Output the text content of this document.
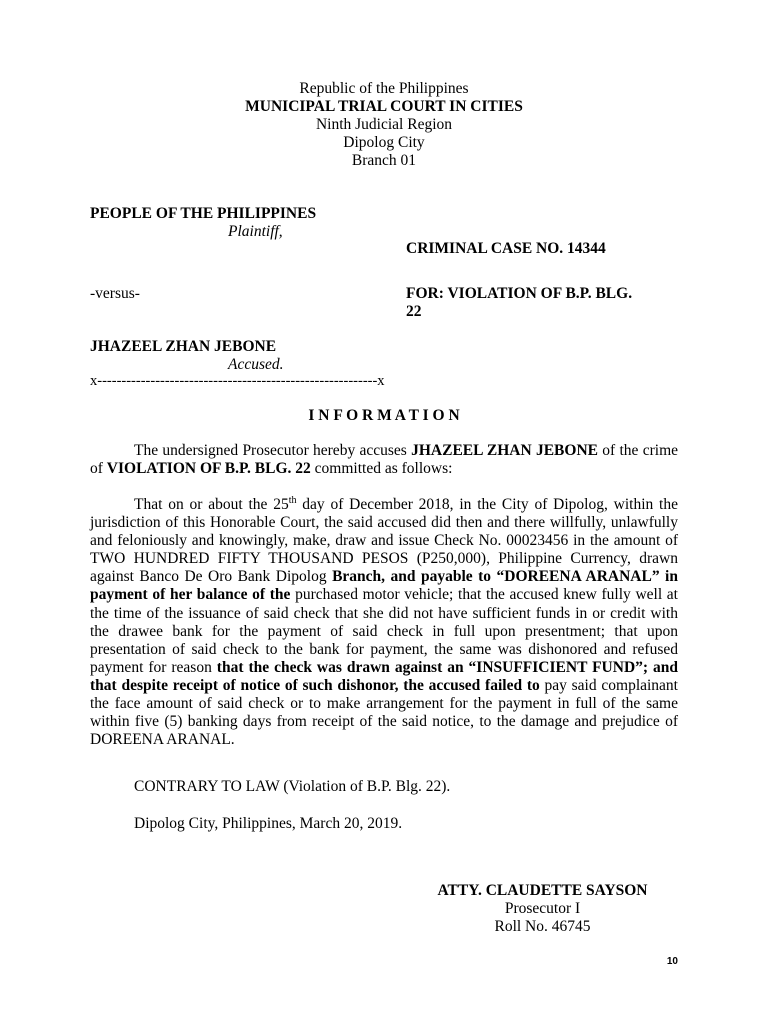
Republic of the Philippines
MUNICIPAL TRIAL COURT IN CITIES
Ninth Judicial Region
Dipolog City
Branch 01
PEOPLE OF THE PHILIPPINES
Plaintiff,
CRIMINAL CASE NO. 14344
-versus-	FOR: VIOLATION OF B.P. BLG.
22
JHAZEEL ZHAN JEBONE
Accused.
x----------------------------------------------------------x
I N F O R M A T I O N
The undersigned Prosecutor hereby accuses JHAZEEL ZHAN JEBONE of the crime of VIOLATION OF B.P. BLG. 22 committed as follows:
That on or about the 25th day of December 2018, in the City of Dipolog, within the jurisdiction of this Honorable Court, the said accused did then and there willfully, unlawfully and feloniously and knowingly, make, draw and issue Check No. 00023456 in the amount of TWO HUNDRED FIFTY THOUSAND PESOS (P250,000), Philippine Currency, drawn against Banco De Oro Bank Dipolog Branch, and payable to “DOREENA ARANAL” in payment of her balance of the purchased motor vehicle; that the accused knew fully well at the time of the issuance of said check that she did not have sufficient funds in or credit with the drawee bank for the payment of said check in full upon presentment; that upon presentation of said check to the bank for payment, the same was dishonored and refused payment for reason that the check was drawn against an “INSUFFICIENT FUND”; and that despite receipt of notice of such dishonor, the accused failed to pay said complainant the face amount of said check or to make arrangement for the payment in full of the same within five (5) banking days from receipt of the said notice, to the damage and prejudice of DOREENA ARANAL.
CONTRARY TO LAW (Violation of B.P. Blg. 22).
Dipolog City, Philippines, March 20, 2019.
ATTY. CLAUDETTE SAYSON
Prosecutor I
Roll No. 46745
10
